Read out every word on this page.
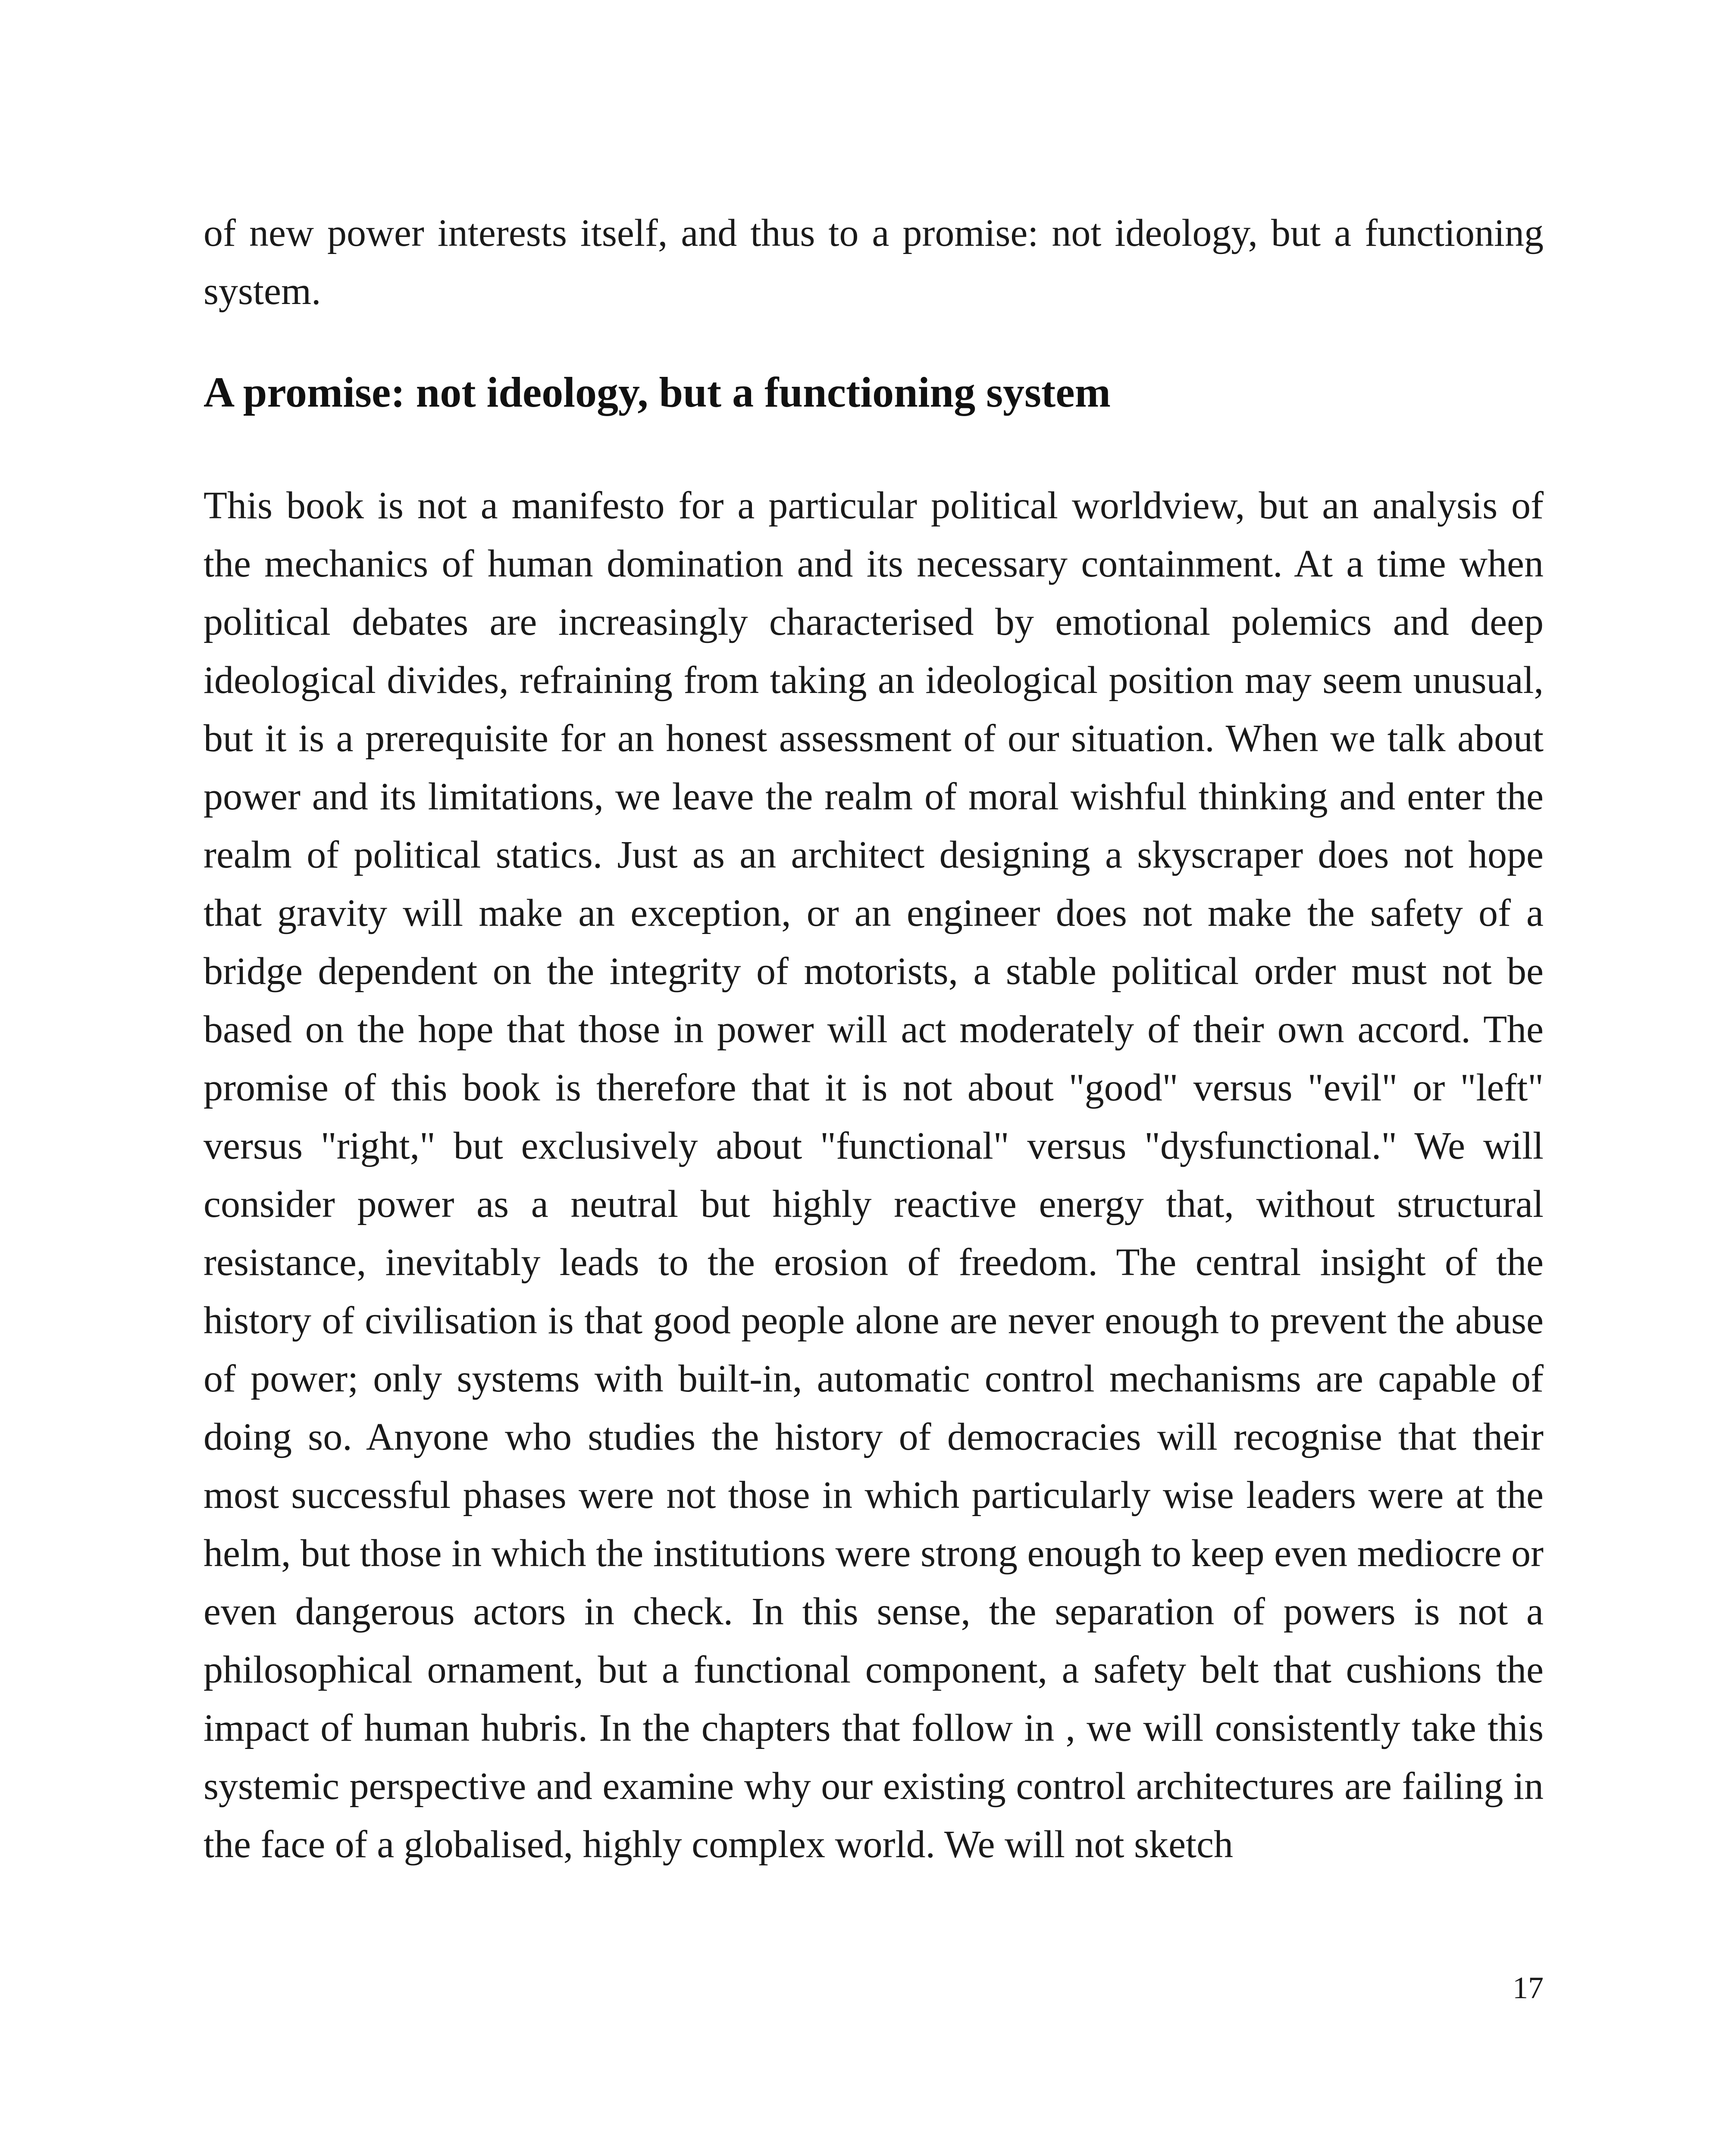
of new power interests itself, and thus to a promise: not ideology, but a functioning system.

A promise: not ideology, but a functioning system

This book is not a manifesto for a particular political worldview, but an analysis of the mechanics of human domination and its necessary containment. At a time when political debates are increasingly characterised by emotional polemics and deep ideological divides, refraining from taking an ideological position may seem unusual, but it is a prerequisite for an honest assessment of our situation. When we talk about power and its limitations, we leave the realm of moral wishful thinking and enter the realm of political statics. Just as an architect designing a skyscraper does not hope that gravity will make an exception, or an engineer does not make the safety of a bridge dependent on the integrity of motorists, a stable political order must not be based on the hope that those in power will act moderately of their own accord. The promise of this book is therefore that it is not about "good" versus "evil" or "left" versus "right," but exclusively about "functional" versus "dysfunctional." We will consider power as a neutral but highly reactive energy that, without structural resistance, inevitably leads to the erosion of freedom. The central insight of the history of civilisation is that good people alone are never enough to prevent the abuse of power; only systems with built-in, automatic control mechanisms are capable of doing so. Anyone who studies the history of democracies will recognise that their most successful phases were not those in which particularly wise leaders were at the helm, but those in which the institutions were strong enough to keep even mediocre or even dangerous actors in check. In this sense, the separation of powers is not a philosophical ornament, but a functional component, a safety belt that cushions the impact of human hubris. In the chapters that follow in , we will consistently take this systemic perspective and examine why our existing control architectures are failing in the face of a globalised, highly complex world. We will not sketch

17
